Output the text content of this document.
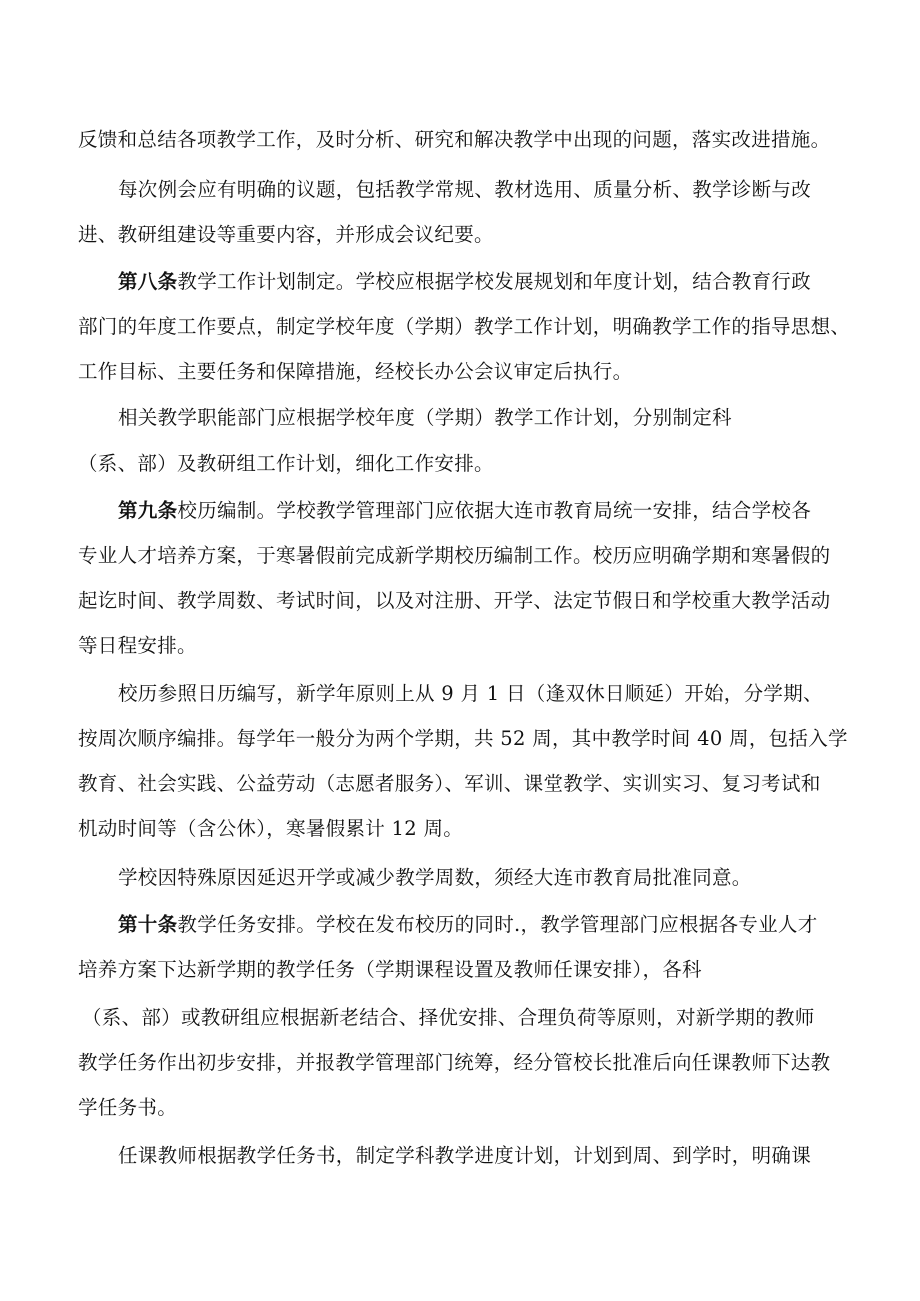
反馈和总结各项教学工作，及时分析、研究和解决教学中出现的问题，落实改进措施。
每次例会应有明确的议题，包括教学常规、教材选用、质量分析、教学诊断与改
进、教研组建设等重要内容，并形成会议纪要。
第八条教学工作计划制定。学校应根据学校发展规划和年度计划，结合教育行政
部门的年度工作要点，制定学校年度（学期）教学工作计划，明确教学工作的指导思想、
工作目标、主要任务和保障措施，经校长办公会议审定后执行。
相关教学职能部门应根据学校年度（学期）教学工作计划，分别制定科
（系、部）及教研组工作计划，细化工作安排。
第九条校历编制。学校教学管理部门应依据大连市教育局统一安排，结合学校各
专业人才培养方案，于寒暑假前完成新学期校历编制工作。校历应明确学期和寒暑假的
起讫时间、教学周数、考试时间，以及对注册、开学、法定节假日和学校重大教学活动
等日程安排。
校历参照日历编写，新学年原则上从 9 月 1 日（逢双休日顺延）开始，分学期、
按周次顺序编排。每学年一般分为两个学期，共 52 周，其中教学时间 40 周，包括入学
教育、社会实践、公益劳动（志愿者服务）、军训、课堂教学、实训实习、复习考试和
机动时间等（含公休），寒暑假累计 12 周。
学校因特殊原因延迟开学或减少教学周数，须经大连市教育局批准同意。
第十条教学任务安排。学校在发布校历的同时.，教学管理部门应根据各专业人才
培养方案下达新学期的教学任务（学期课程设置及教师任课安排），各科
（系、部）或教研组应根据新老结合、择优安排、合理负荷等原则，对新学期的教师
教学任务作出初步安排，并报教学管理部门统筹，经分管校长批准后向任课教师下达教
学任务书。
任课教师根据教学任务书，制定学科教学进度计划，计划到周、到学时，明确课
